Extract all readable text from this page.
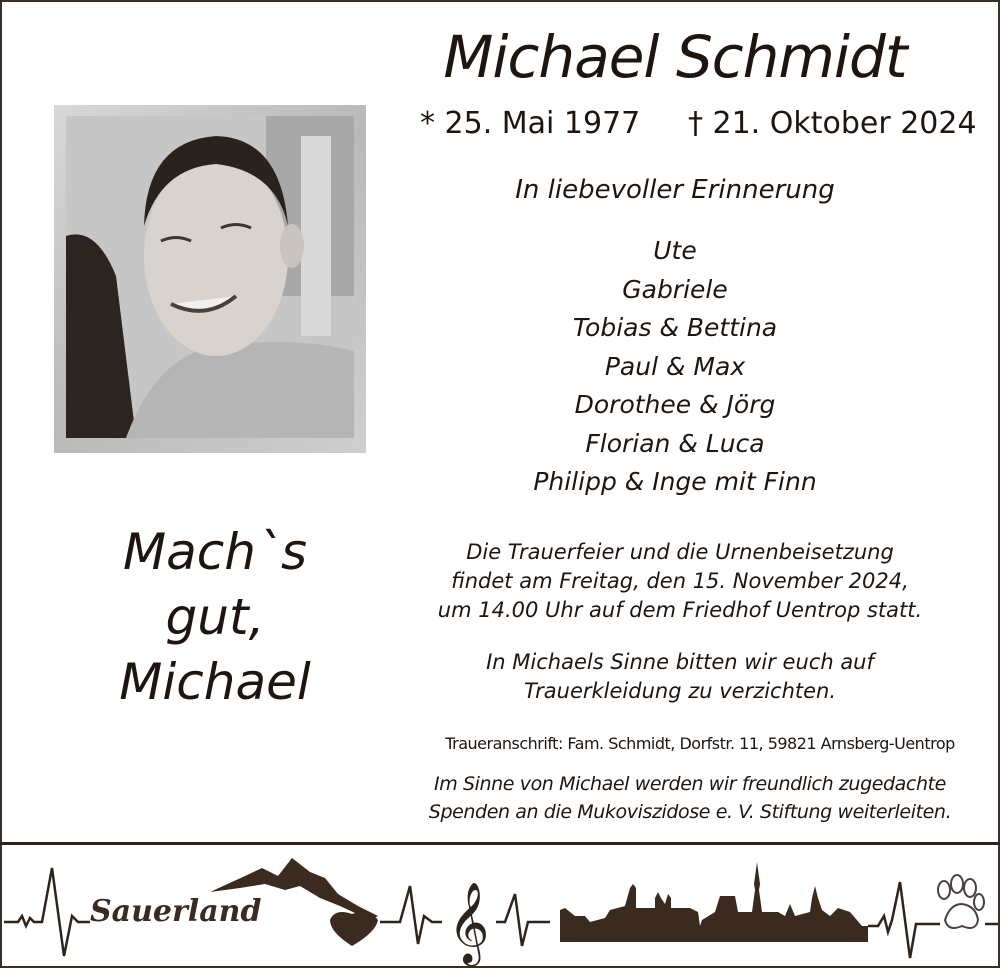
Michael Schmidt
* 25. Mai 1977 † 21. Oktober 2024
In liebevoller Erinnerung
Ute
Gabriele
Tobias & Bettina
Paul & Max
Dorothee & Jörg
Florian & Luca
Philipp & Inge mit Finn
Mach`s
gut,
Michael
Die Trauerfeier und die Urnenbeisetzung
findet am Freitag, den 15. November 2024,
um 14.00 Uhr auf dem Friedhof Uentrop statt.
In Michaels Sinne bitten wir euch auf
Trauerkleidung zu verzichten.
Traueranschrift: Fam. Schmidt, Dorfstr. 11, 59821 Arnsberg-Uentrop
Im Sinne von Michael werden wir freundlich zugedachte
Spenden an die Mukoviszidose e. V. Stiftung weiterleiten.
𝄞
Sauerland
